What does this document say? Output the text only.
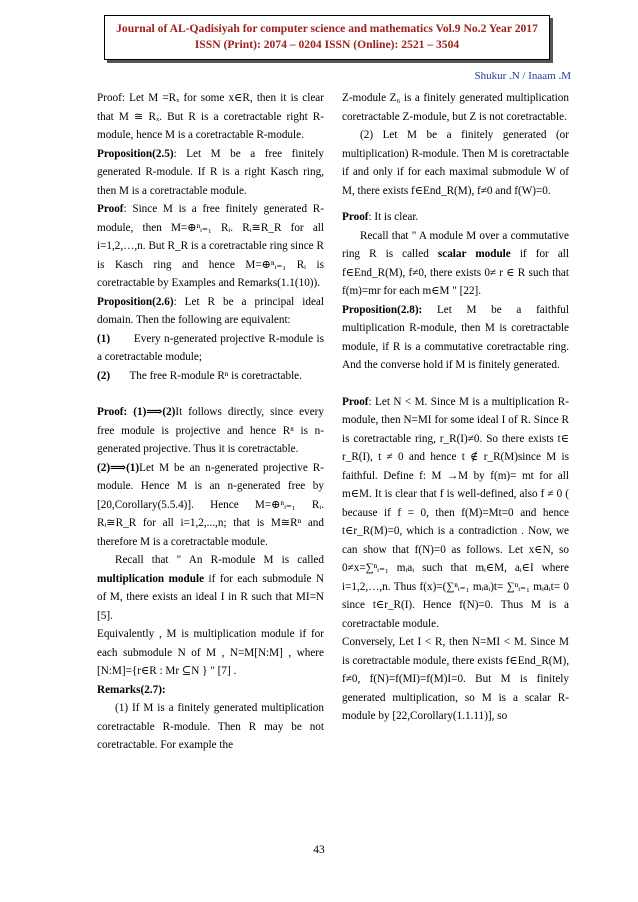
Journal of AL-Qadisiyah for computer science and mathematics Vol.9 No.2 Year 2017
ISSN (Print): 2074 – 0204 ISSN (Online): 2521 – 3504
Shukur .N / Inaam .M

Proof: Let M =Rₓ for some x∈R, then it is clear that M ≅ Rₓ. But R is a coretractable right R-module, hence M is a coretractable R-module.

Proposition(2.5): Let M be a free finitely generated R-module. If R is a right Kasch ring, then M is a coretractable module.

Proof: Since M is a free finitely generated R-module, then M=⊕ⁿᵢ₌₁ Rᵢ. Rᵢ≅R_R for all i=1,2,…,n. But R_R is a coretractable ring since R is Kasch ring and hence M=⊕ⁿᵢ₌₁ Rᵢ is coretractable by Examples and Remarks(1.1(10)).

Proposition(2.6): Let R be a principal ideal domain. Then the following are equivalent:

(1) Every n-generated projective R-module is a coretractable module;

(2) The free R-module Rⁿ is coretractable.

Proof: (1)⟹(2)It follows directly, since every free module is projective and hence Rⁿ is n-generated projective. Thus it is coretractable.

(2)⟹(1)Let M be an n-generated projective R-module. Hence M is an n-generated free by [20,Corollary(5.5.4)]. Hence M=⊕ⁿᵢ₌₁ Rᵢ. Rᵢ≅R_R for all i=1,2,...,n; that is M≅Rⁿ and therefore M is a coretractable module.

Recall that " An R-module M is called multiplication module if for each submodule N of M, there exists an ideal I in R such that MI=N [5].

Equivalently , M is multiplication module if for each submodule N of M , N=M[N:M] , where [N:M]={r∈R : Mr ⊆N } " [7] .

Remarks(2.7):

(1) If M is a finitely generated multiplication coretractable R-module. Then R may be not coretractable. For example the

Z-module Z₆ is a finitely generated multiplication coretractable Z-module, but Z is not coretractable.

(2) Let M be a finitely generated (or multiplication) R-module. Then M is coretractable if and only if for each maximal submodule W of M, there exists f∈End_R(M), f≠0 and f(W)=0.

Proof: It is clear.

Recall that " A module M over a commutative ring R is called scalar module if for all f∈End_R(M), f≠0, there exists 0≠ r ∈ R such that f(m)=mr for each m∈M " [22].

Proposition(2.8): Let M be a faithful multiplication R-module, then M is coretractable module, if R is a commutative coretractable ring. And the converse hold if M is finitely generated.

Proof: Let N < M. Since M is a multiplication R-module, then N=MI for some ideal I of R. Since R is coretractable ring, r_R(I)≠0. So there exists t∈ r_R(I), t ≠ 0 and hence t ∉ r_R(M)since M is faithful. Define f: M →M by f(m)= mt for all m∈M. It is clear that f is well-defined, also f ≠ 0 ( because if f = 0, then f(M)=Mt=0 and hence t∈r_R(M)=0, which is a contradiction . Now, we can show that f(N)=0 as follows. Let x∈N, so 0≠x=∑ⁿᵢ₌₁ mᵢaᵢ such that mᵢ∈M, aᵢ∈I where i=1,2,…,n. Thus f(x)=(∑ⁿᵢ₌₁ mᵢaᵢ)t= ∑ⁿᵢ₌₁ mᵢaᵢt= 0 since t∈r_R(I). Hence f(N)=0. Thus M is a coretractable module.

Conversely, Let I < R, then N=MI < M. Since M is coretractable module, there exists f∈End_R(M), f≠0, f(N)=f(MI)=f(M)I=0. But M is finitely generated multiplication, so M is a scalar R-module by [22,Corollary(1.1.11)], so

43
